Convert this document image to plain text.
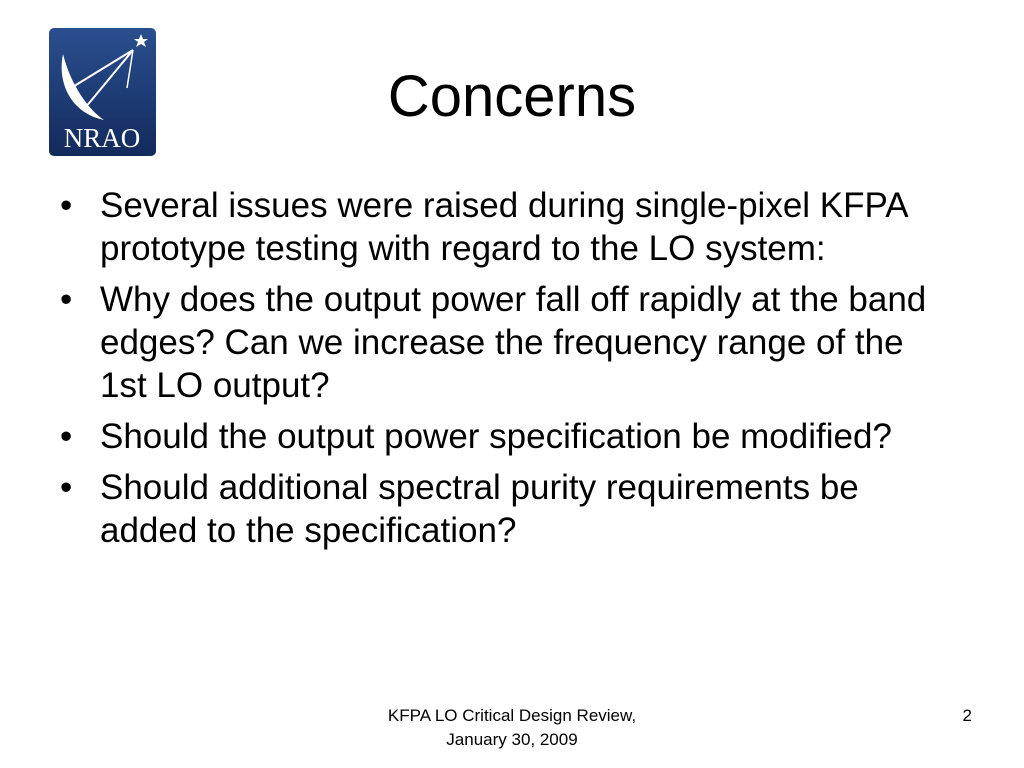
NRAO
Concerns
• Several issues were raised during single-pixel KFPA prototype testing with regard to the LO system:
• Why does the output power fall off rapidly at the band edges? Can we increase the frequency range of the 1st LO output?
• Should the output power specification be modified?
• Should additional spectral purity requirements be added to the specification?
KFPA LO Critical Design Review,
January 30, 2009
2
